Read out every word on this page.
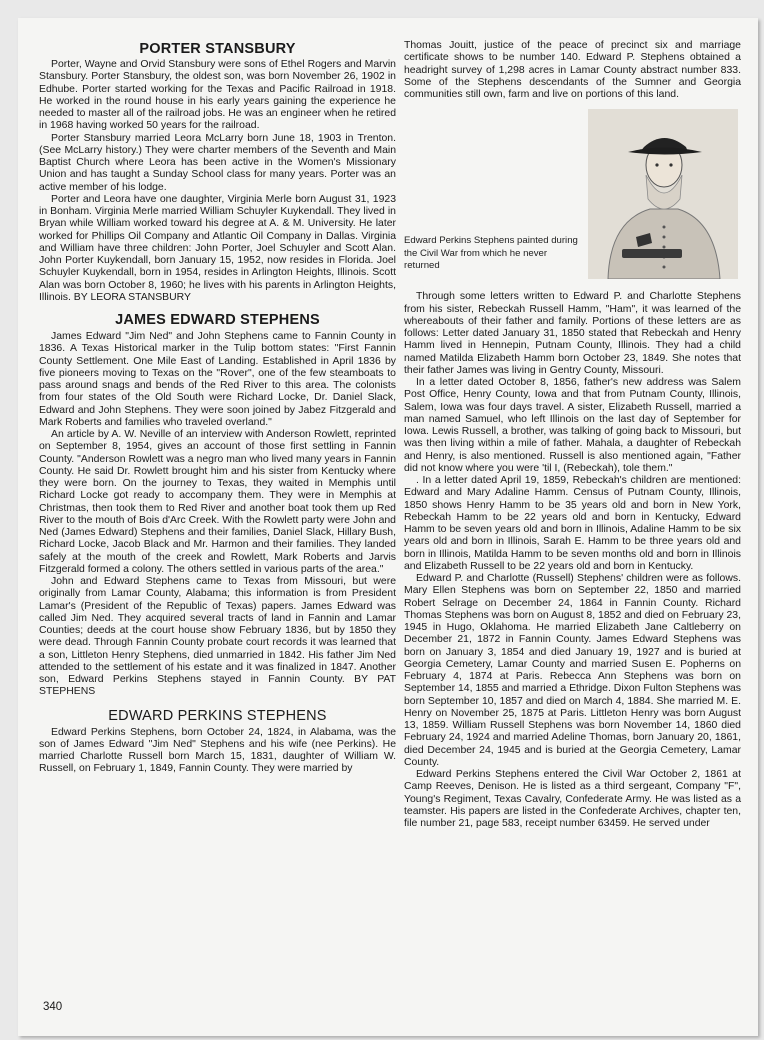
PORTER STANSBURY

Porter, Wayne and Orvid Stansbury were sons of Ethel Rogers and Marvin Stansbury. Porter Stansbury, the oldest son, was born November 26, 1902 in Edhube. Porter started working for the Texas and Pacific Railroad in 1918. He worked in the round house in his early years gaining the experience he needed to master all of the railroad jobs. He was an engineer when he retired in 1968 having worked 50 years for the railroad.

Porter Stansbury married Leora McLarry born June 18, 1903 in Trenton. (See McLarry history.) They were charter members of the Seventh and Main Baptist Church where Leora has been active in the Women's Missionary Union and has taught a Sunday School class for many years. Porter was an active member of his lodge.

Porter and Leora have one daughter, Virginia Merle born August 31, 1923 in Bonham. Virginia Merle married William Schuyler Kuykendall. They lived in Bryan while William worked toward his degree at A. & M. University. He later worked for Phillips Oil Company and Atlantic Oil Company in Dallas. Virginia and William have three children: John Porter, Joel Schuyler and Scott Alan. John Porter Kuykendall, born January 15, 1952, now resides in Florida. Joel Schuyler Kuykendall, born in 1954, resides in Arlington Heights, Illinois. Scott Alan was born October 8, 1960; he lives with his parents in Arlington Heights, Illinois. BY LEORA STANSBURY

JAMES EDWARD STEPHENS

James Edward "Jim Ned" and John Stephens came to Fannin County in 1836. A Texas Historical marker in the Tulip bottom states: "First Fannin County Settlement. One Mile East of Landing. Established in April 1836 by five pioneers moving to Texas on the "Rover", one of the few steamboats to pass around snags and bends of the Red River to this area. The colonists from four states of the Old South were Richard Locke, Dr. Daniel Slack, Edward and John Stephens. They were soon joined by Jabez Fitzgerald and Mark Roberts and families who traveled overland."

An article by A. W. Neville of an interview with Anderson Rowlett, reprinted on September 8, 1954, gives an account of those first settling in Fannin County. "Anderson Rowlett was a negro man who lived many years in Fannin County. He said Dr. Rowlett brought him and his sister from Kentucky where they were born. On the journey to Texas, they waited in Memphis until Richard Locke got ready to accompany them. They were in Memphis at Christmas, then took them to Red River and another boat took them up Red River to the mouth of Bois d'Arc Creek. With the Rowlett party were John and Ned (James Edward) Stephens and their families, Daniel Slack, Hillary Bush, Richard Locke, Jacob Black and Mr. Harmon and their families. They landed safely at the mouth of the creek and Rowlett, Mark Roberts and Jarvis Fitzgerald formed a colony. The others settled in various parts of the area."

John and Edward Stephens came to Texas from Missouri, but were originally from Lamar County, Alabama; this information is from President Lamar's (President of the Republic of Texas) papers. James Edward was called Jim Ned. They acquired several tracts of land in Fannin and Lamar Counties; deeds at the court house show February 1836, but by 1850 they were dead. Through Fannin County probate court records it was learned that a son, Littleton Henry Stephens, died unmarried in 1842. His father Jim Ned attended to the settlement of his estate and it was finalized in 1847. Another son, Edward Perkins Stephens stayed in Fannin County. BY PAT STEPHENS

EDWARD PERKINS STEPHENS

Edward Perkins Stephens, born October 24, 1824, in Alabama, was the son of James Edward "Jim Ned" Stephens and his wife (nee Perkins). He married Charlotte Russell born March 15, 1831, daughter of William W. Russell, on February 1, 1849, Fannin County. They were married by

Thomas Jouitt, justice of the peace of precinct six and marriage certificate shows to be number 140. Edward P. Stephens obtained a headright survey of 1,298 acres in Lamar County abstract number 833. Some of the Stephens descendants of the Sumner and Georgia communities still own, farm and live on portions of this land.

Edward Perkins Stephens painted during the Civil War from which he never returned

Through some letters written to Edward P. and Charlotte Stephens from his sister, Rebeckah Russell Hamm, "Ham", it was learned of the whereabouts of their father and family. Portions of these letters are as follows: Letter dated January 31, 1850 stated that Rebeckah and Henry Hamm lived in Hennepin, Putnam County, Illinois. They had a child named Matilda Elizabeth Hamm born October 23, 1849. She notes that their father James was living in Gentry County, Missouri.

In a letter dated October 8, 1856, father's new address was Salem Post Office, Henry County, Iowa and that from Putnam County, Illinois, Salem, Iowa was four days travel. A sister, Elizabeth Russell, married a man named Samuel, who left Illinois on the last day of September for Iowa. Lewis Russell, a brother, was talking of going back to Missouri, but was then living within a mile of father. Mahala, a daughter of Rebeckah and Henry, is also mentioned. Russell is also mentioned again, "Father did not know where you were 'til I, (Rebeckah), tole them."

. In a letter dated April 19, 1859, Rebeckah's children are mentioned: Edward and Mary Adaline Hamm. Census of Putnam County, Illinois, 1850 shows Henry Hamm to be 35 years old and born in New York, Rebeckah Hamm to be 22 years old and born in Kentucky, Edward Hamm to be seven years old and born in Illinois, Adaline Hamm to be six years old and born in Illinois, Sarah E. Hamm to be three years old and born in Illinois, Matilda Hamm to be seven months old and born in Illinois and Elizabeth Russell to be 22 years old and born in Kentucky.

Edward P. and Charlotte (Russell) Stephens' children were as follows. Mary Ellen Stephens was born on September 22, 1850 and married Robert Selrage on December 24, 1864 in Fannin County. Richard Thomas Stephens was born on August 8, 1852 and died on February 23, 1945 in Hugo, Oklahoma. He married Elizabeth Jane Caltleberry on December 21, 1872 in Fannin County. James Edward Stephens was born on January 3, 1854 and died January 19, 1927 and is buried at Georgia Cemetery, Lamar County and married Susen E. Popherns on February 4, 1874 at Paris. Rebecca Ann Stephens was born on September 14, 1855 and married a Ethridge. Dixon Fulton Stephens was born September 10, 1857 and died on March 4, 1884. She married M. E. Henry on November 25, 1875 at Paris. Littleton Henry was born August 13, 1859. William Russell Stephens was born November 14, 1860 died February 24, 1924 and married Adeline Thomas, born January 20, 1861, died December 24, 1945 and is buried at the Georgia Cemetery, Lamar County.

Edward Perkins Stephens entered the Civil War October 2, 1861 at Camp Reeves, Denison. He is listed as a third sergeant, Company "F", Young's Regiment, Texas Cavalry, Confederate Army. He was listed as a teamster. His papers are listed in the Confederate Archives, chapter ten, file number 21, page 583, receipt number 63459. He served under

340
